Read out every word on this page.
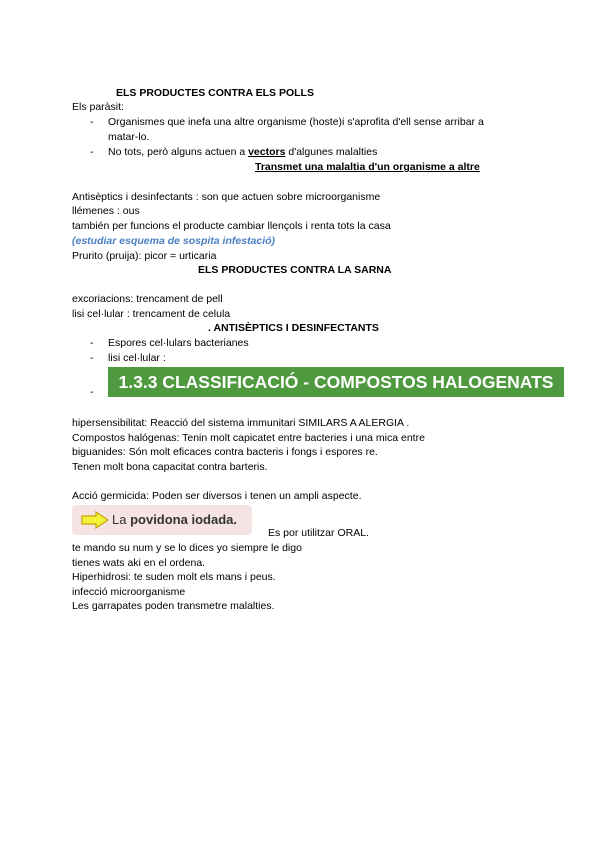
ELS PRODUCTES CONTRA ELS POLLS
Els paràsit:
- Organismes que inefa una altre organisme (hoste)i s'aprofita d'ell sense arribar a
matar-lo.
- No tots, però alguns actuen a vectors d'algunes malalties
Transmet una malaltia d'un organisme a altre
Antisèptics i desinfectants : son que actuen sobre microorganisme
llémenes : ous
también per funcions el producte cambiar llençols i renta tots la casa
(estudiar esquema de sospita infestació)
Prurito (pruija): picor = urticaria
ELS PRODUCTES CONTRA LA SARNA
excoriacions: trencament de pell
lisi cel·lular : trencament de celula
. ANTISÈPTICS I DESINFECTANTS
- Espores cel·lulars bacterianes
- lisi cel·lular :
-	1.3.3 CLASSIFICACIÓ - COMPOSTOS HALOGENATS
hipersensibilitat: Reacció del sistema immunitari SIMILARS A ALERGIA .
Compostos halógenas: Tenin molt capicatet entre bacteries i una mica entre
biguanides: Són molt eficaces contra bacteris i fongs i espores re.
Tenen molt bona capacitat contra barteris.
Acció germicida: Poden ser diversos i tenen un ampli aspecte.
La povidona iodada.
Es por utilitzar ORAL.
te mando su num y se lo dices yo siempre le digo
tienes wats aki en el ordena.
Hiperhidrosi: te suden molt els mans i peus.
infecció microorganisme
Les garrapates poden transmetre malalties.
